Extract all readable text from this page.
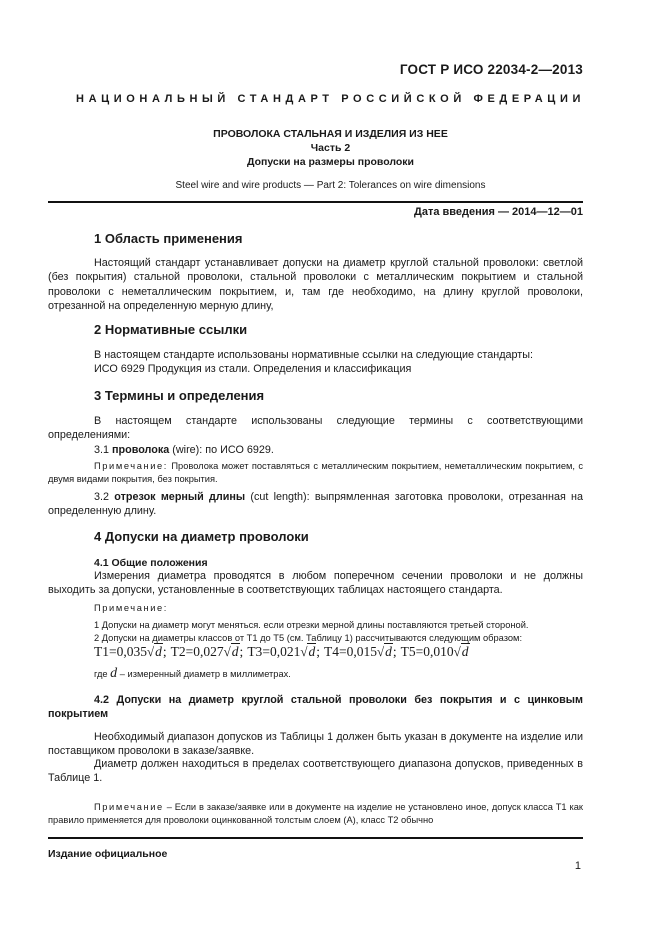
ГОСТ Р ИСО 22034-2—2013
НАЦИОНАЛЬНЫЙ СТАНДАРТ РОССИЙСКОЙ ФЕДЕРАЦИИ
ПРОВОЛОКА СТАЛЬНАЯ И ИЗДЕЛИЯ ИЗ НЕЕ
Часть 2
Допуски на размеры проволоки
Steel wire and wire products — Part 2: Tolerances on wire dimensions
Дата введения — 2014—12—01
1 Область применения

Настоящий стандарт устанавливает допуски на диаметр круглой стальной проволоки: светлой (без покрытия) стальной проволоки, стальной проволоки с металлическим покрытием и стальной проволоки с неметаллическим покрытием, и, там где необходимо, на длину круглой проволоки, отрезанной на определенную мерную длину,

2 Нормативные ссылки
В настоящем стандарте использованы нормативные ссылки на следующие стандарты:
ИСО 6929 Продукция из стали. Определения и классификация
3 Термины и определения

В настоящем стандарте использованы следующие термины с соответствующими определениями:

3.1 проволока (wire): по ИСО 6929.

Примечание: Проволока может поставляться с металлическим покрытием, неметаллическим покрытием, с двумя видами покрытия, без покрытия.

3.2 отрезок мерный длины (cut length): выпрямленная заготовка проволоки, отрезанная на определенную длину.

4 Допуски на диаметр проволоки
4.1 Общие положения

Измерения диаметра проводятся в любом поперечном сечении проволоки и не должны выходить за допуски, установленные в соответствующих таблицах настоящего стандарта.

Примечание:
1 Допуски на диаметр могут меняться. если отрезки мерной длины поставляются третьей стороной.
2 Допуски на диаметры классов от Т1 до Т5 (см. Таблицу 1) рассчитываются следующим образом:
T1=0,035√d; T2=0,027√d; T3=0,021√d; T4=0,015√d; T5=0,010√d
где d – измеренный диаметр в миллиметрах.

4.2 Допуски на диаметр круглой стальной проволоки без покрытия и с цинковым покрытием

Необходимый диапазон допусков из Таблицы 1 должен быть указан в документе на изделие или поставщиком проволоки в заказе/заявке.

Диаметр должен находиться в пределах соответствующего диапазона допусков, приведенных в Таблице 1.

Примечание – Если в заказе/заявке или в документе на изделие не установлено иное, допуск класса Т1 как правило применяется для проволоки оцинкованной толстым слоем (А), класс Т2 обычно

Издание официальное
1
